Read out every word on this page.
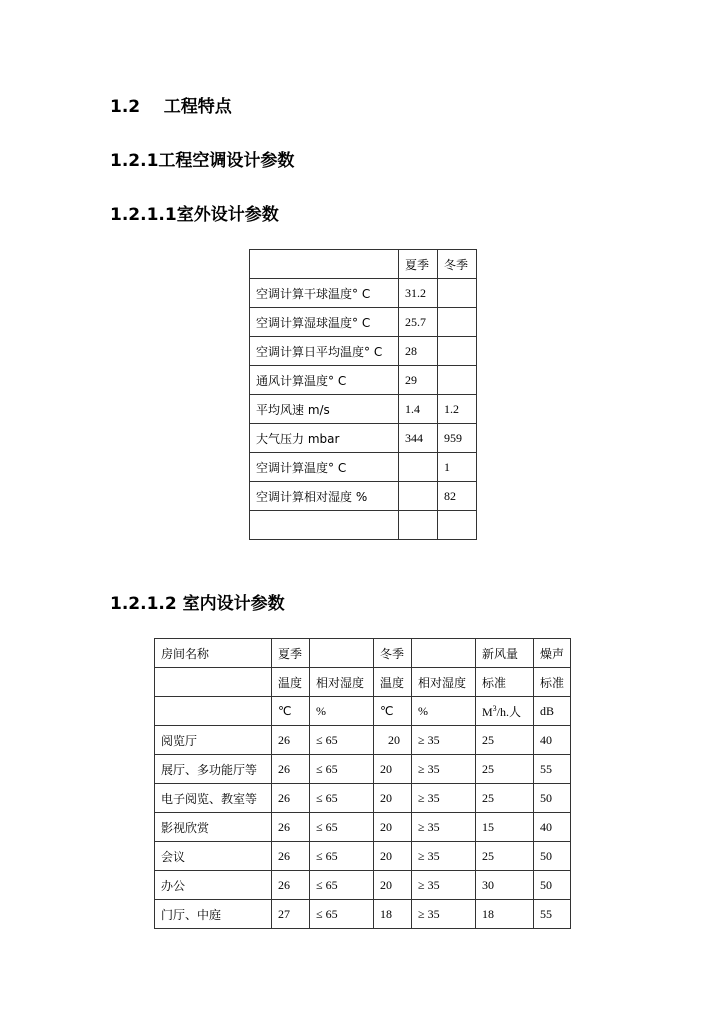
1.2    工程特点
1.2.1工程空调设计参数
1.2.1.1室外设计参数
	夏季	冬季
空调计算干球温度° C	31.2	
空调计算湿球温度° C	25.7	
空调计算日平均温度° C	28	
通风计算温度° C	29	
平均风速 m/s	1.4	1.2
大气压力 mbar	344	959
空调计算温度° C		1
空调计算相对湿度 %		82

1.2.1.2 室内设计参数
房间名称	夏季		冬季		新风量	燥声
	温度	相对湿度	温度	相对湿度	标准	标准
	℃	%	℃	%	$M^3/h$.人	dB
阅览厅	26	≤ 65	20	≥ 35	25	40
展厅、多功能厅等	26	≤ 65	20	≥ 35	25	55
电子阅览、教室等	26	≤ 65	20	≥ 35	25	50
影视欣赏	26	≤ 65	20	≥ 35	15	40
会议	26	≤ 65	20	≥ 35	25	50
办公	26	≤ 65	20	≥ 35	30	50
门厅、中庭	27	≤ 65	18	≥ 35	18	55
